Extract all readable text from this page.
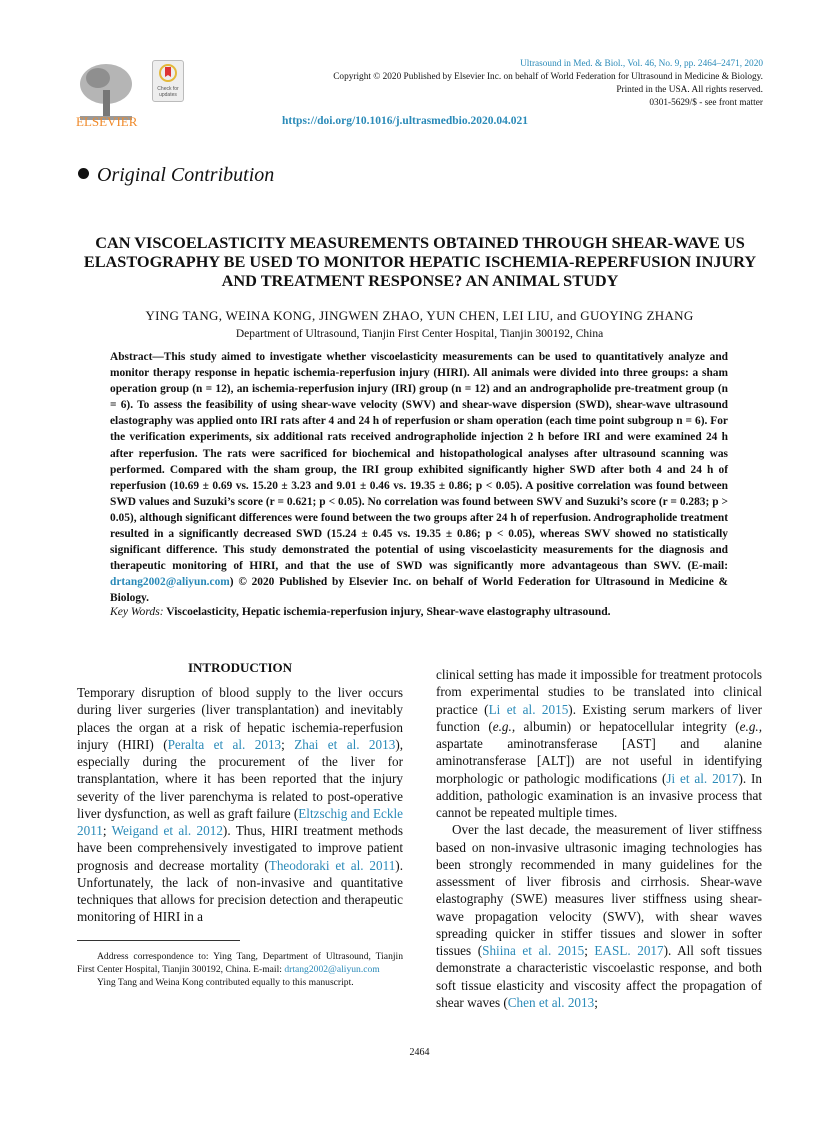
ELSEVIER
Check for updates
Ultrasound in Med. & Biol., Vol. 46, No. 9, pp. 2464–2471, 2020
Copyright © 2020 Published by Elsevier Inc. on behalf of World Federation for Ultrasound in Medicine & Biology.
Printed in the USA. All rights reserved.
0301-5629/$ - see front matter
https://doi.org/10.1016/j.ultrasmedbio.2020.04.021
Original Contribution
CAN VISCOELASTICITY MEASUREMENTS OBTAINED THROUGH SHEAR-WAVE US ELASTOGRAPHY BE USED TO MONITOR HEPATIC ISCHEMIA-REPERFUSION INJURY AND TREATMENT RESPONSE? AN ANIMAL STUDY
YING TANG, WEINA KONG, JINGWEN ZHAO, YUN CHEN, LEI LIU, and GUOYING ZHANG
Department of Ultrasound, Tianjin First Center Hospital, Tianjin 300192, China
Abstract—This study aimed to investigate whether viscoelasticity measurements can be used to quantitatively analyze and monitor therapy response in hepatic ischemia-reperfusion injury (HIRI). All animals were divided into three groups: a sham operation group (n = 12), an ischemia-reperfusion injury (IRI) group (n = 12) and an andrographolide pre-treatment group (n = 6). To assess the feasibility of using shear-wave velocity (SWV) and shear-wave dispersion (SWD), shear-wave ultrasound elastography was applied onto IRI rats after 4 and 24 h of reperfusion or sham operation (each time point subgroup n = 6). For the verification experiments, six additional rats received andrographolide injection 2 h before IRI and were examined 24 h after reperfusion. The rats were sacrificed for biochemical and histopathological analyses after ultrasound scanning was performed. Compared with the sham group, the IRI group exhibited significantly higher SWD after both 4 and 24 h of reperfusion (10.69 ± 0.69 vs. 15.20 ± 3.23 and 9.01 ± 0.46 vs. 19.35 ± 0.86; p < 0.05). A positive correlation was found between SWD values and Suzuki’s score (r = 0.621; p < 0.05). No correlation was found between SWV and Suzuki’s score (r = 0.283; p > 0.05), although significant differences were found between the two groups after 24 h of reperfusion. Andrographolide treatment resulted in a significantly decreased SWD (15.24 ± 0.45 vs. 19.35 ± 0.86; p < 0.05), whereas SWV showed no statistically significant difference. This study demonstrated the potential of using viscoelasticity measurements for the diagnosis and therapeutic monitoring of HIRI, and that the use of SWD was significantly more advantageous than SWV. (E-mail: drtang2002@aliyun.com) © 2020 Published by Elsevier Inc. on behalf of World Federation for Ultrasound in Medicine & Biology.
Key Words: Viscoelasticity, Hepatic ischemia-reperfusion injury, Shear-wave elastography ultrasound.
INTRODUCTION

Temporary disruption of blood supply to the liver occurs during liver surgeries (liver transplantation) and inevitably places the organ at a risk of hepatic ischemia-reperfusion injury (HIRI) (Peralta et al. 2013; Zhai et al. 2013), especially during the procurement of the liver for transplantation, where it has been reported that the injury severity of the liver parenchyma is related to post-operative liver dysfunction, as well as graft failure (Eltzschig and Eckle 2011; Weigand et al. 2012). Thus, HIRI treatment methods have been comprehensively investigated to improve patient prognosis and decrease mortality (Theodoraki et al. 2011). Unfortunately, the lack of non-invasive and quantitative techniques that allows for precision detection and therapeutic monitoring of HIRI in a

clinical setting has made it impossible for treatment protocols from experimental studies to be translated into clinical practice (Li et al. 2015). Existing serum markers of liver function (e.g., albumin) or hepatocellular integrity (e.g., aspartate aminotransferase [AST] and alanine aminotransferase [ALT]) are not useful in identifying morphologic or pathologic modifications (Ji et al. 2017). In addition, pathologic examination is an invasive process that cannot be repeated multiple times.

Over the last decade, the measurement of liver stiffness based on non-invasive ultrasonic imaging technologies has been strongly recommended in many guidelines for the assessment of liver fibrosis and cirrhosis. Shear-wave elastography (SWE) measures liver stiffness using shear-wave propagation velocity (SWV), with shear waves spreading quicker in stiffer tissues and slower in softer tissues (Shiina et al. 2015; EASL. 2017). All soft tissues demonstrate a characteristic viscoelastic response, and both soft tissue elasticity and viscosity affect the propagation of shear waves (Chen et al. 2013;

Address correspondence to: Ying Tang, Department of Ultrasound, Tianjin First Center Hospital, Tianjin 300192, China. E-mail: drtang2002@aliyun.com

Ying Tang and Weina Kong contributed equally to this manuscript.

2464
